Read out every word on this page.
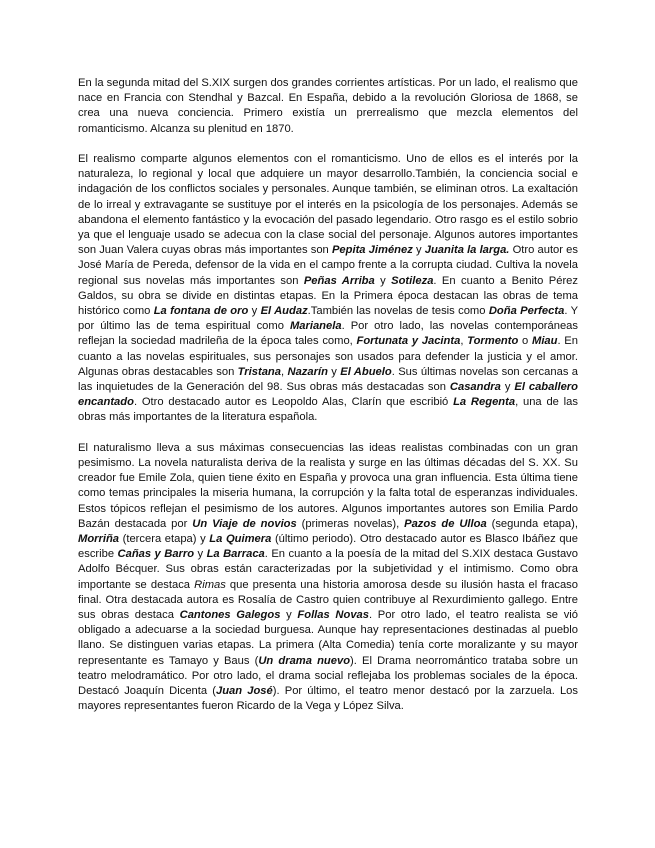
En la segunda mitad del S.XIX surgen dos grandes corrientes artísticas. Por un lado, el realismo que nace en Francia con Stendhal y Bazcal. En España, debido a la revolución Gloriosa de 1868, se crea una nueva conciencia. Primero existía un prerrealismo que mezcla elementos del romanticismo. Alcanza su plenitud en 1870.

El realismo comparte algunos elementos con el romanticismo. Uno de ellos es el interés por la naturaleza, lo regional y local que adquiere un mayor desarrollo.También, la conciencia social e indagación de los conflictos sociales y personales. Aunque también, se eliminan otros. La exaltación de lo irreal y extravagante se sustituye por el interés en la psicología de los personajes. Además se abandona el elemento fantástico y la evocación del pasado legendario. Otro rasgo es el estilo sobrio ya que el lenguaje usado se adecua con la clase social del personaje. Algunos autores importantes son Juan Valera cuyas obras más importantes son Pepita Jiménez y Juanita la larga. Otro autor es José María de Pereda, defensor de la vida en el campo frente a la corrupta ciudad. Cultiva la novela regional sus novelas más importantes son Peñas Arriba y Sotileza. En cuanto a Benito Pérez Galdos, su obra se divide en distintas etapas. En la Primera época destacan las obras de tema histórico como La fontana de oro y El Audaz.También las novelas de tesis como Doña Perfecta. Y por último las de tema espiritual como Marianela. Por otro lado, las novelas contemporáneas reflejan la sociedad madrileña de la época tales como, Fortunata y Jacinta, Tormento o Miau. En cuanto a las novelas espirituales, sus personajes son usados para defender la justicia y el amor. Algunas obras destacables son Tristana, Nazarín y El Abuelo. Sus últimas novelas son cercanas a las inquietudes de la Generación del 98. Sus obras más destacadas son Casandra y El caballero encantado. Otro destacado autor es Leopoldo Alas, Clarín que escribió La Regenta, una de las obras más importantes de la literatura española.

El naturalismo lleva a sus máximas consecuencias las ideas realistas combinadas con un gran pesimismo. La novela naturalista deriva de la realista y surge en las últimas décadas del S. XX. Su creador fue Emile Zola, quien tiene éxito en España y provoca una gran influencia. Esta última tiene como temas principales la miseria humana, la corrupción y la falta total de esperanzas individuales. Estos tópicos reflejan el pesimismo de los autores. Algunos importantes autores son Emilia Pardo Bazán destacada por Un Viaje de novios (primeras novelas), Pazos de Ulloa (segunda etapa), Morriña (tercera etapa) y La Quimera (último periodo). Otro destacado autor es Blasco Ibáñez que escribe Cañas y Barro y La Barraca. En cuanto a la poesía de la mitad del S.XIX destaca Gustavo Adolfo Bécquer. Sus obras están caracterizadas por la subjetividad y el intimismo. Como obra importante se destaca Rimas que presenta una historia amorosa desde su ilusión hasta el fracaso final. Otra destacada autora es Rosalía de Castro quien contribuye al Rexurdimiento gallego. Entre sus obras destaca Cantones Galegos y Follas Novas. Por otro lado, el teatro realista se vió obligado a adecuarse a la sociedad burguesa. Aunque hay representaciones destinadas al pueblo llano. Se distinguen varias etapas. La primera (Alta Comedia) tenía corte moralizante y su mayor representante es Tamayo y Baus (Un drama nuevo). El Drama neorromántico trataba sobre un teatro melodramático. Por otro lado, el drama social reflejaba los problemas sociales de la época. Destacó Joaquín Dicenta (Juan José). Por último, el teatro menor destacó por la zarzuela. Los mayores representantes fueron Ricardo de la Vega y López Silva.
